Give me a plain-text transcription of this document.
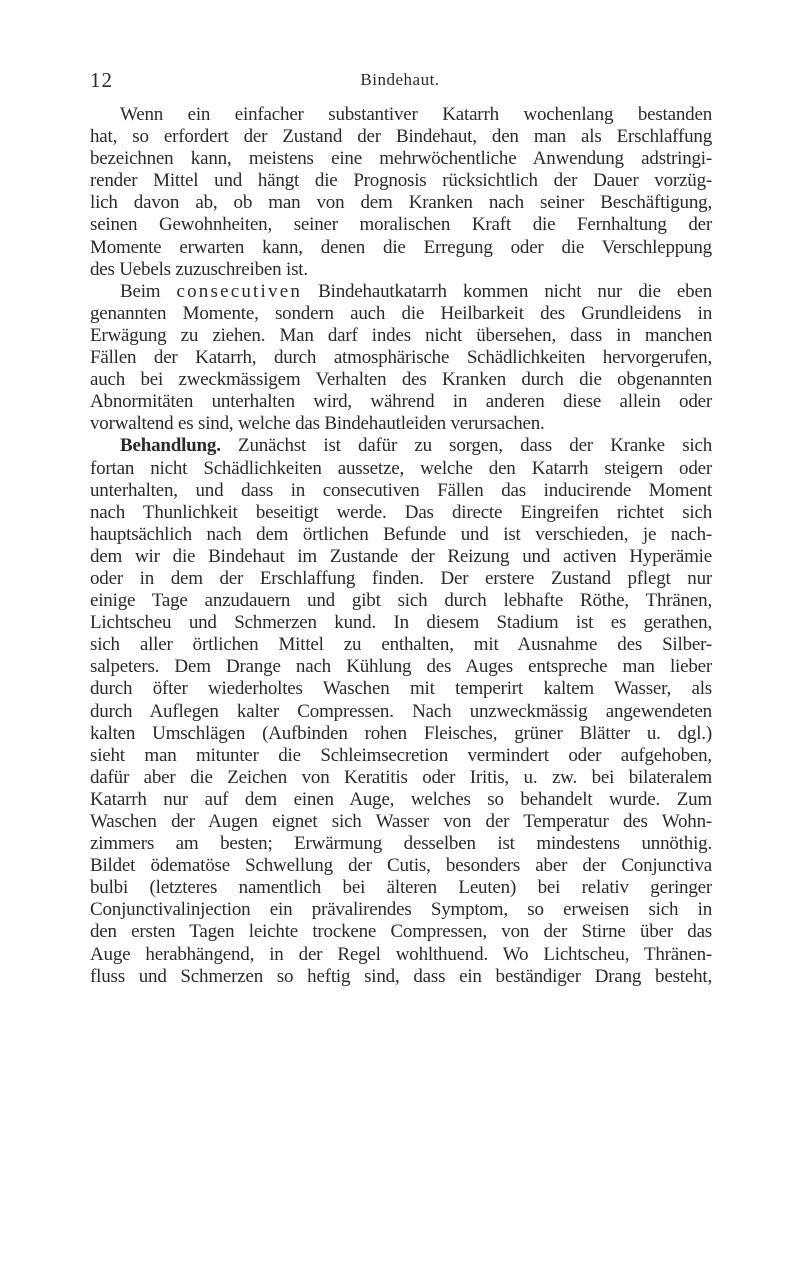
12	Bindehaut.
Wenn ein einfacher substantiver Katarrh wochenlang bestanden
hat, so erfordert der Zustand der Bindehaut, den man als Erschlaffung
bezeichnen kann, meistens eine mehrwöchentliche Anwendung adstringi-
render Mittel und hängt die Prognosis rücksichtlich der Dauer vorzüg-
lich davon ab, ob man von dem Kranken nach seiner Beschäftigung,
seinen Gewohnheiten, seiner moralischen Kraft die Fernhaltung der
Momente erwarten kann, denen die Erregung oder die Verschleppung
des Uebels zuzuschreiben ist.
Beim consecutiven Bindehautkatarrh kommen nicht nur die eben
genannten Momente, sondern auch die Heilbarkeit des Grundleidens in
Erwägung zu ziehen. Man darf indes nicht übersehen, dass in manchen
Fällen der Katarrh, durch atmosphärische Schädlichkeiten hervorgerufen,
auch bei zweckmässigem Verhalten des Kranken durch die obgenannten
Abnormitäten unterhalten wird, während in anderen diese allein oder
vorwaltend es sind, welche das Bindehautleiden verursachen.
Behandlung. Zunächst ist dafür zu sorgen, dass der Kranke sich
fortan nicht Schädlichkeiten aussetze, welche den Katarrh steigern oder
unterhalten, und dass in consecutiven Fällen das inducirende Moment
nach Thunlichkeit beseitigt werde. Das directe Eingreifen richtet sich
hauptsächlich nach dem örtlichen Befunde und ist verschieden, je nach-
dem wir die Bindehaut im Zustande der Reizung und activen Hyperämie
oder in dem der Erschlaffung finden. Der erstere Zustand pflegt nur
einige Tage anzudauern und gibt sich durch lebhafte Röthe, Thränen,
Lichtscheu und Schmerzen kund. In diesem Stadium ist es gerathen,
sich aller örtlichen Mittel zu enthalten, mit Ausnahme des Silber-
salpeters. Dem Drange nach Kühlung des Auges entspreche man lieber
durch öfter wiederholtes Waschen mit temperirt kaltem Wasser, als
durch Auflegen kalter Compressen. Nach unzweckmässig angewendeten
kalten Umschlägen (Aufbinden rohen Fleisches, grüner Blätter u. dgl.)
sieht man mitunter die Schleimsecretion vermindert oder aufgehoben,
dafür aber die Zeichen von Keratitis oder Iritis, u. zw. bei bilateralem
Katarrh nur auf dem einen Auge, welches so behandelt wurde. Zum
Waschen der Augen eignet sich Wasser von der Temperatur des Wohn-
zimmers am besten; Erwärmung desselben ist mindestens unnöthig.
Bildet ödematöse Schwellung der Cutis, besonders aber der Conjunctiva
bulbi (letzteres namentlich bei älteren Leuten) bei relativ geringer
Conjunctivalinjection ein prävalirendes Symptom, so erweisen sich in
den ersten Tagen leichte trockene Compressen, von der Stirne über das
Auge herabhängend, in der Regel wohlthuend. Wo Lichtscheu, Thränen-
fluss und Schmerzen so heftig sind, dass ein beständiger Drang besteht,
